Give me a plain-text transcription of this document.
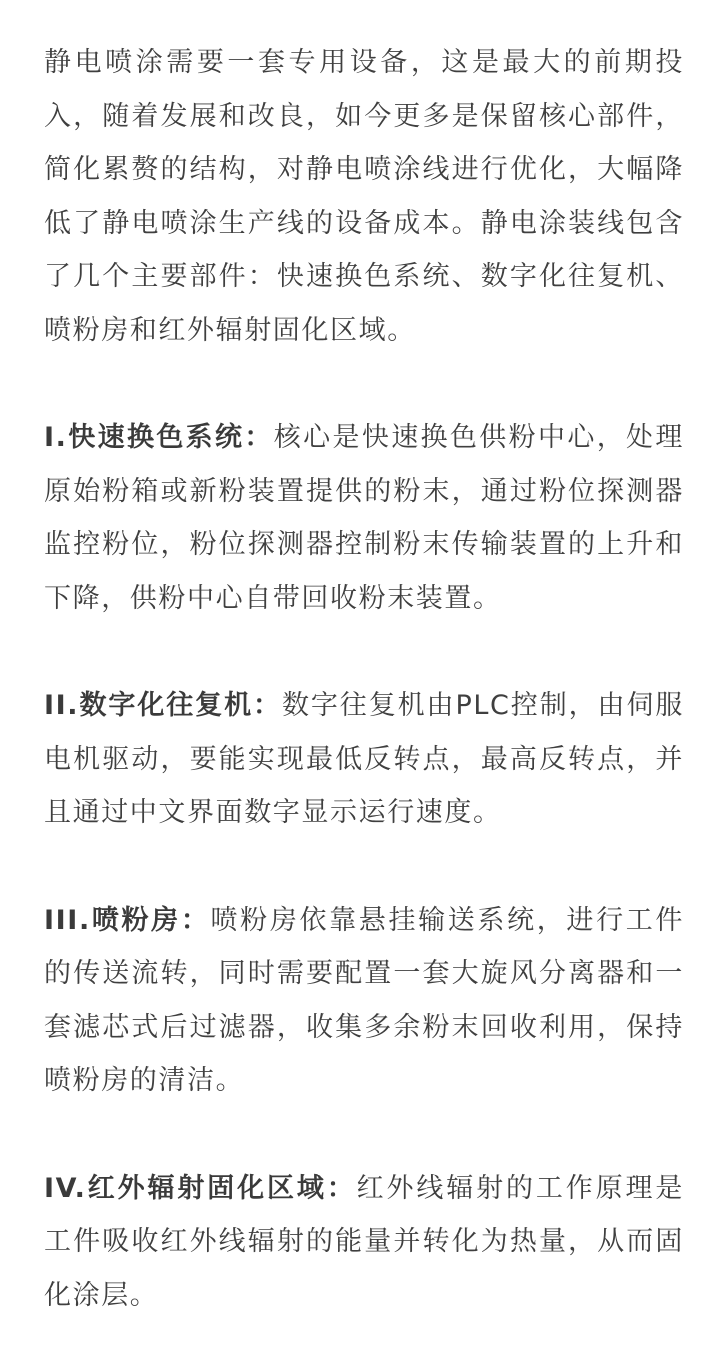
静电喷涂需要一套专用设备，这是最大的前期投入，随着发展和改良，如今更多是保留核心部件，简化累赘的结构，对静电喷涂线进行优化，大幅降低了静电喷涂生产线的设备成本。静电涂装线包含了几个主要部件：快速换色系统、数字化往复机、喷粉房和红外辐射固化区域。

I.快速换色系统：核心是快速换色供粉中心，处理原始粉箱或新粉装置提供的粉末，通过粉位探测器监控粉位，粉位探测器控制粉末传输装置的上升和下降，供粉中心自带回收粉末装置。

II.数字化往复机：数字往复机由PLC控制，由伺服电机驱动，要能实现最低反转点，最高反转点，并且通过中文界面数字显示运行速度。

III.喷粉房：喷粉房依靠悬挂输送系统，进行工件的传送流转，同时需要配置一套大旋风分离器和一套滤芯式后过滤器，收集多余粉末回收利用，保持喷粉房的清洁。

IV.红外辐射固化区域：红外线辐射的工作原理是工件吸收红外线辐射的能量并转化为热量，从而固化涂层。
